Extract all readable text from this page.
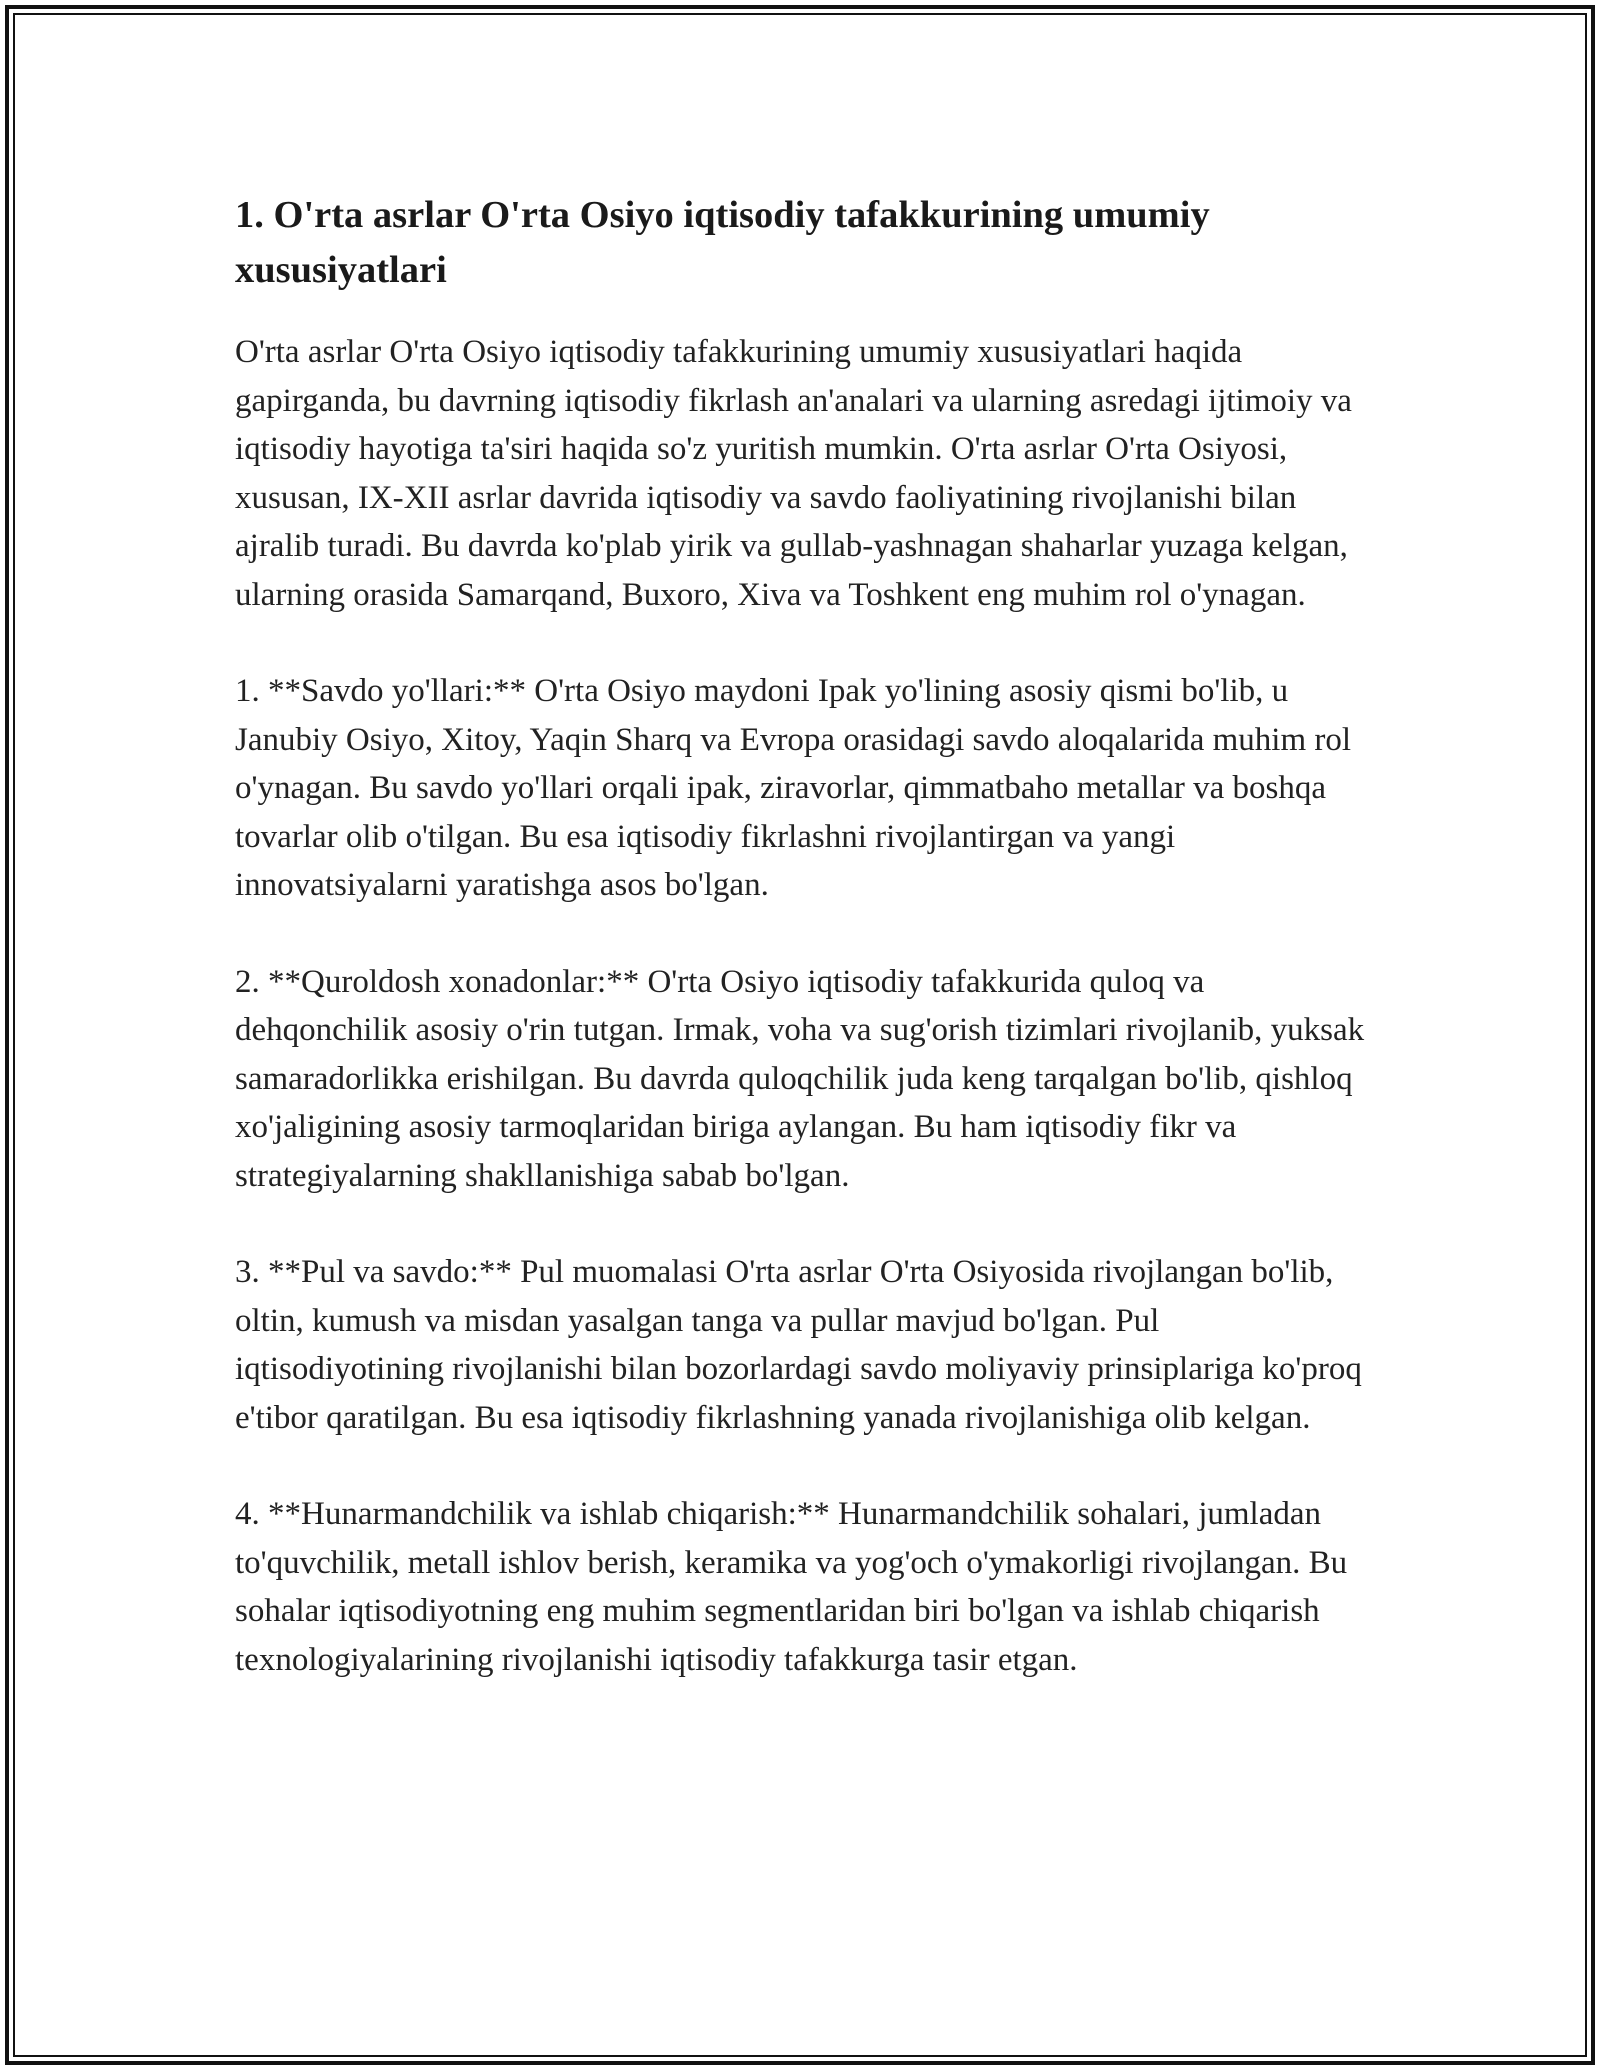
1. O'rta asrlar O'rta Osiyo iqtisodiy tafakkurining umumiy xususiyatlari

O'rta asrlar O'rta Osiyo iqtisodiy tafakkurining umumiy xususiyatlari haqida gapirganda, bu davrning iqtisodiy fikrlash an'analari va ularning asredagi ijtimoiy va iqtisodiy hayotiga ta'siri haqida so'z yuritish mumkin. O'rta asrlar O'rta Osiyosi, xususan, IX-XII asrlar davrida iqtisodiy va savdo faoliyatining rivojlanishi bilan ajralib turadi. Bu davrda ko'plab yirik va gullab-yashnagan shaharlar yuzaga kelgan, ularning orasida Samarqand, Buxoro, Xiva va Toshkent eng muhim rol o'ynagan.

1. **Savdo yo'llari:** O'rta Osiyo maydoni Ipak yo'lining asosiy qismi bo'lib, u Janubiy Osiyo, Xitoy, Yaqin Sharq va Evropa orasidagi savdo aloqalarida muhim rol o'ynagan. Bu savdo yo'llari orqali ipak, ziravorlar, qimmatbaho metallar va boshqa tovarlar olib o'tilgan. Bu esa iqtisodiy fikrlashni rivojlantirgan va yangi innovatsiyalarni yaratishga asos bo'lgan.

2. **Quroldosh xonadonlar:** O'rta Osiyo iqtisodiy tafakkurida quloq va dehqonchilik asosiy o'rin tutgan. Irmak, voha va sug'orish tizimlari rivojlanib, yuksak samaradorlikka erishilgan. Bu davrda quloqchilik juda keng tarqalgan bo'lib, qishloq xo'jaligining asosiy tarmoqlaridan biriga aylangan. Bu ham iqtisodiy fikr va strategiyalarning shakllanishiga sabab bo'lgan.

3. **Pul va savdo:** Pul muomalasi O'rta asrlar O'rta Osiyosida rivojlangan bo'lib, oltin, kumush va misdan yasalgan tanga va pullar mavjud bo'lgan. Pul iqtisodiyotining rivojlanishi bilan bozorlardagi savdo moliyaviy prinsiplariga ko'proq e'tibor qaratilgan. Bu esa iqtisodiy fikrlashning yanada rivojlanishiga olib kelgan.

4. **Hunarmandchilik va ishlab chiqarish:** Hunarmandchilik sohalari, jumladan to'quvchilik, metall ishlov berish, keramika va yog'och o'ymakorligi rivojlangan. Bu sohalar iqtisodiyotning eng muhim segmentlaridan biri bo'lgan va ishlab chiqarish texnologiyalarining rivojlanishi iqtisodiy tafakkurga tasir etgan.
